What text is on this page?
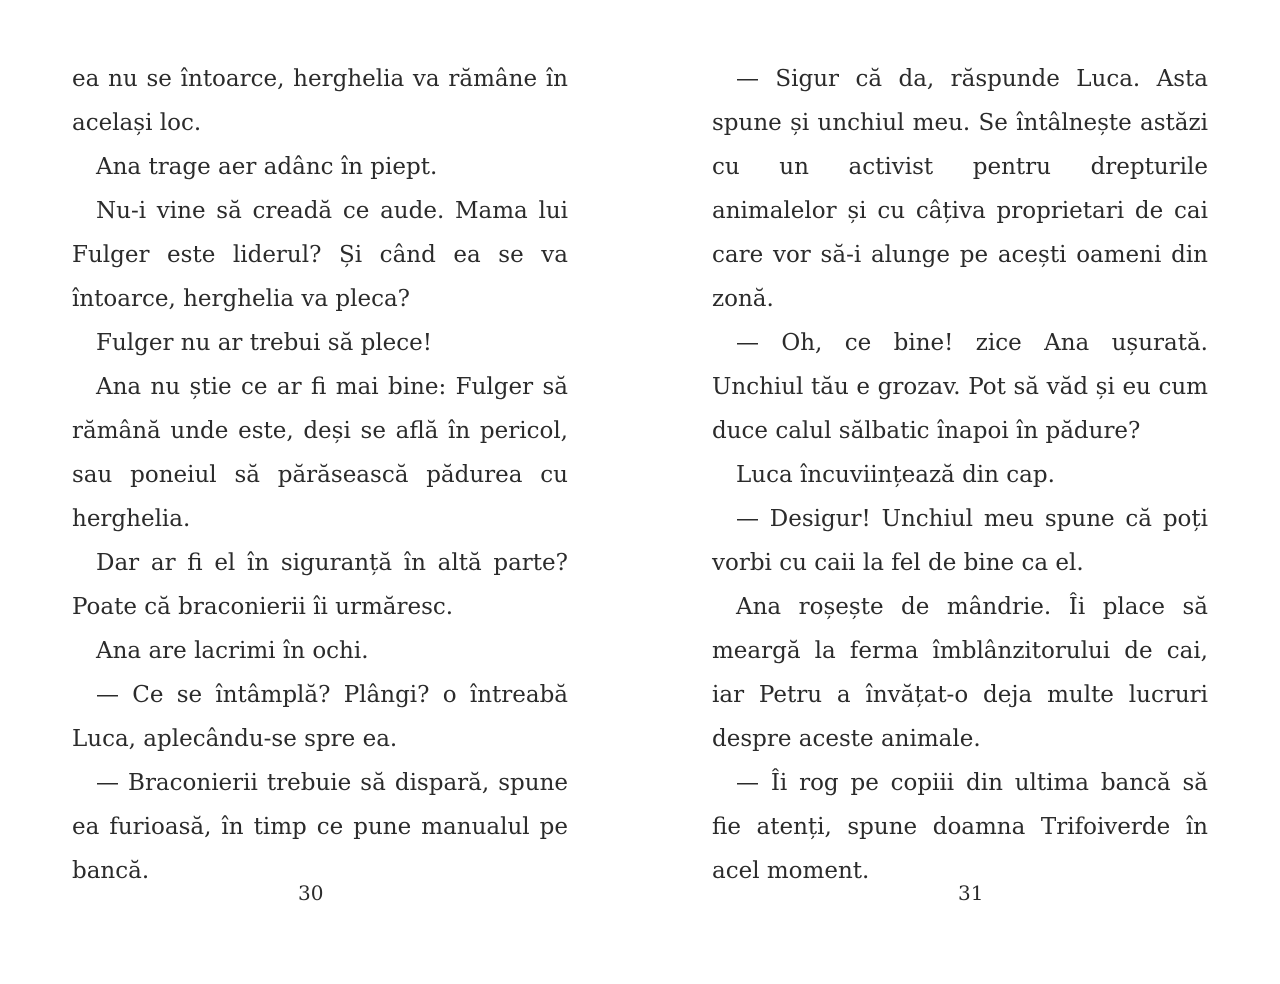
ea nu se întoarce, herghelia va rămâne în același loc.

Ana trage aer adânc în piept.

Nu-i vine să creadă ce aude. Mama lui Fulger este liderul? Și când ea se va întoarce, herghelia va pleca?

Fulger nu ar trebui să plece!

Ana nu știe ce ar fi mai bine: Fulger să rămână unde este, deși se află în pericol, sau poneiul să părăsească pădurea cu herghelia.

Dar ar fi el în siguranță în altă parte? Poate că braconierii îi urmăresc.

Ana are lacrimi în ochi.

— Ce se întâmplă? Plângi? o întreabă Luca, aplecându-se spre ea.

— Braconierii trebuie să dispară, spune ea furioasă, în timp ce pune manualul pe bancă.

30

— Sigur că da, răspunde Luca. Asta spune și unchiul meu. Se întâlnește astăzi cu un activist pentru drepturile animalelor și cu câțiva proprietari de cai care vor să-i alunge pe acești oameni din zonă.

— Oh, ce bine! zice Ana ușurată. Unchiul tău e grozav. Pot să văd și eu cum duce calul sălbatic înapoi în pădure?

Luca încuviințează din cap.

— Desigur! Unchiul meu spune că poți vorbi cu caii la fel de bine ca el.

Ana roșește de mândrie. Îi place să meargă la ferma îmblânzitorului de cai, iar Petru a învățat-o deja multe lucruri despre aceste animale.

— Îi rog pe copiii din ultima bancă să fie atenți, spune doamna Trifoiverde în acel moment.

31
